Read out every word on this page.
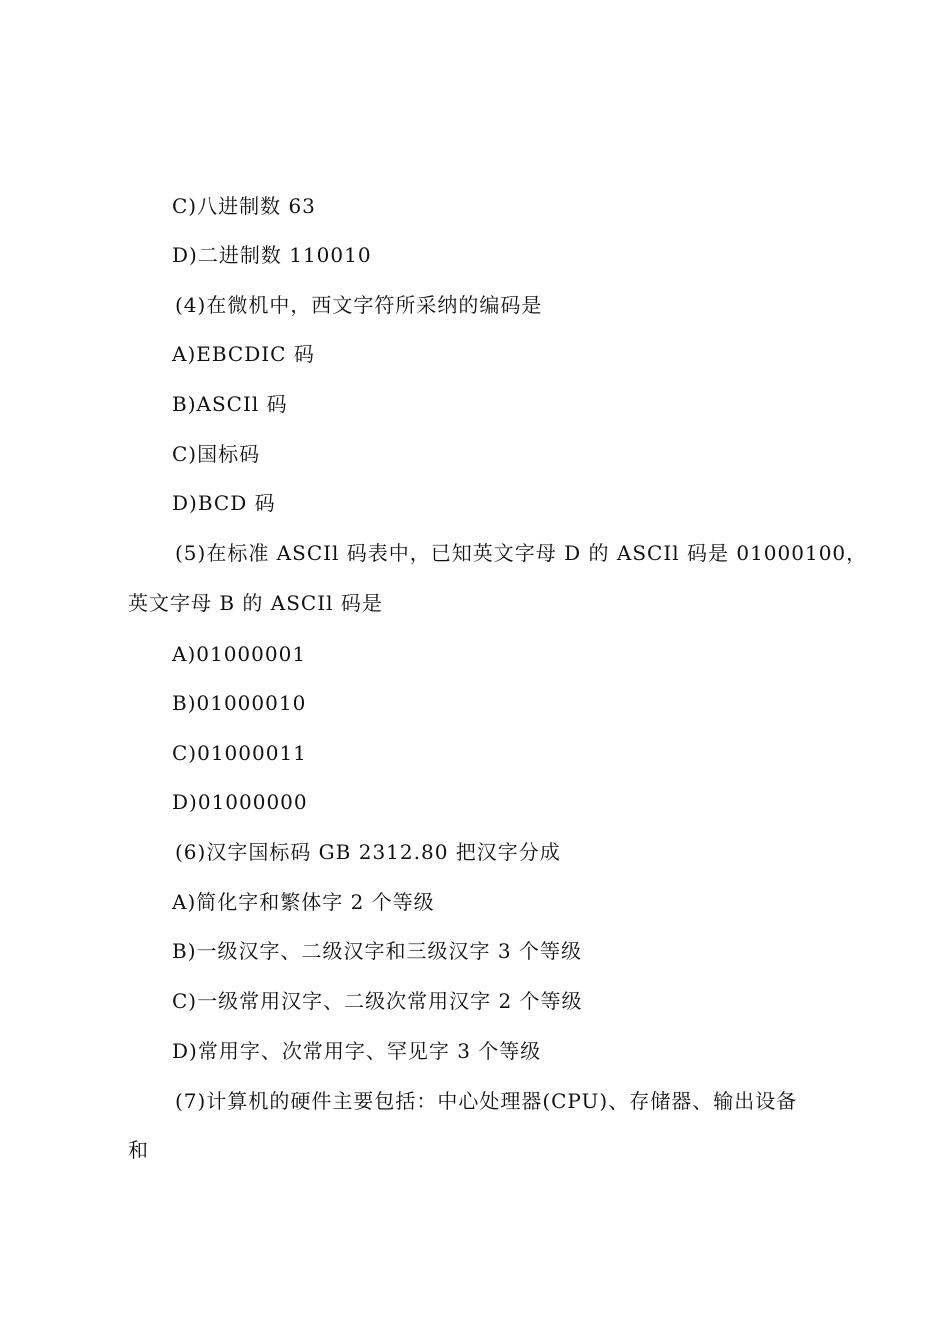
C)八进制数 63
D)二进制数 110010
(4)在微机中，西文字符所采纳的编码是
A)EBCDIC 码
B)ASCIl 码
C)国标码
D)BCD 码
(5)在标准 ASCIl 码表中，已知英文字母 D 的 ASCIl 码是 01000100，
英文字母 B 的 ASCIl 码是
A)01000001
B)01000010
C)01000011
D)01000000
(6)汉字国标码 GB 2312.80 把汉字分成
A)简化字和繁体字 2 个等级
B)一级汉字、二级汉字和三级汉字 3 个等级
C)一级常用汉字、二级次常用汉字 2 个等级
D)常用字、次常用字、罕见字 3 个等级
(7)计算机的硬件主要包括：中心处理器(CPU)、存储器、输出设备
和
